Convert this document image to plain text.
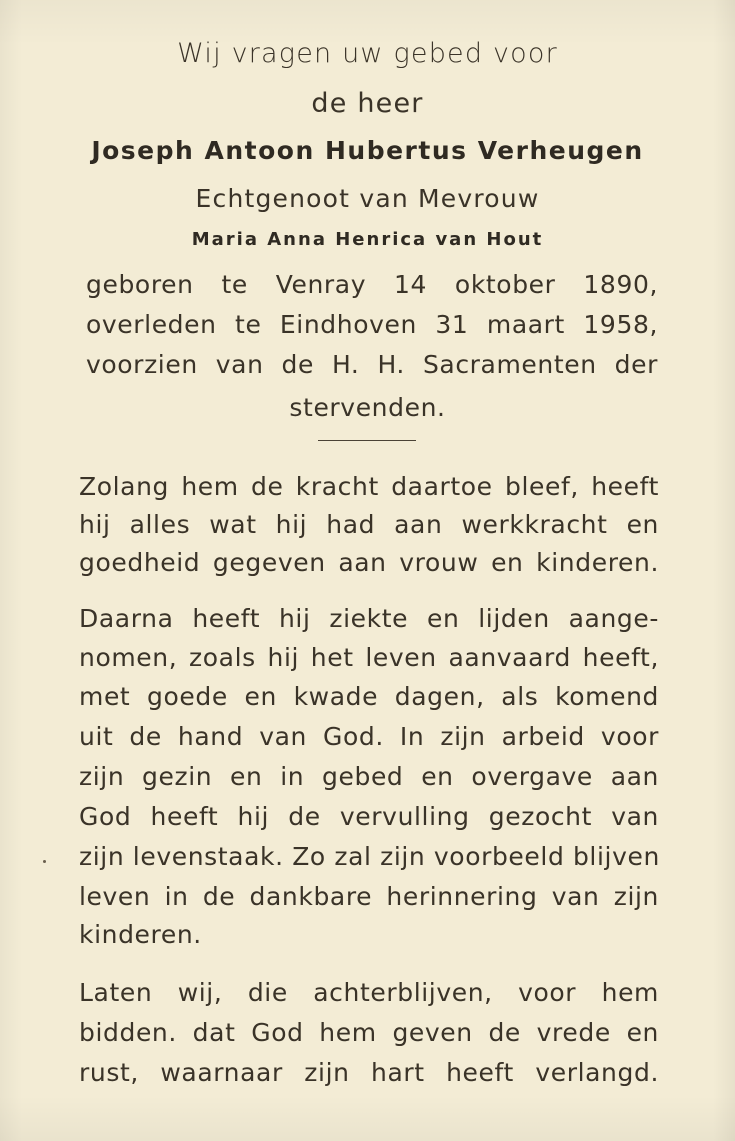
Wij vragen uw gebed voor
de heer
Joseph Antoon Hubertus Verheugen
Echtgenoot van Mevrouw
Maria Anna Henrica van Hout
geboren te Venray 14 oktober 1890,
overleden te Eindhoven 31 maart 1958,
voorzien van de H. H. Sacramenten der
stervenden.
Zolang hem de kracht daartoe bleef, heeft
hij alles wat hij had aan werkkracht en
goedheid gegeven aan vrouw en kinderen.
Daarna heeft hij ziekte en lijden aange-
nomen, zoals hij het leven aanvaard heeft,
met goede en kwade dagen, als komend
uit de hand van God. In zijn arbeid voor
zijn gezin en in gebed en overgave aan
God heeft hij de vervulling gezocht van
zijn levenstaak. Zo zal zijn voorbeeld blijven
leven in de dankbare herinnering van zijn
kinderen.
Laten wij, die achterblijven, voor hem
bidden. dat God hem geven de vrede en
rust, waarnaar zijn hart heeft verlangd.
